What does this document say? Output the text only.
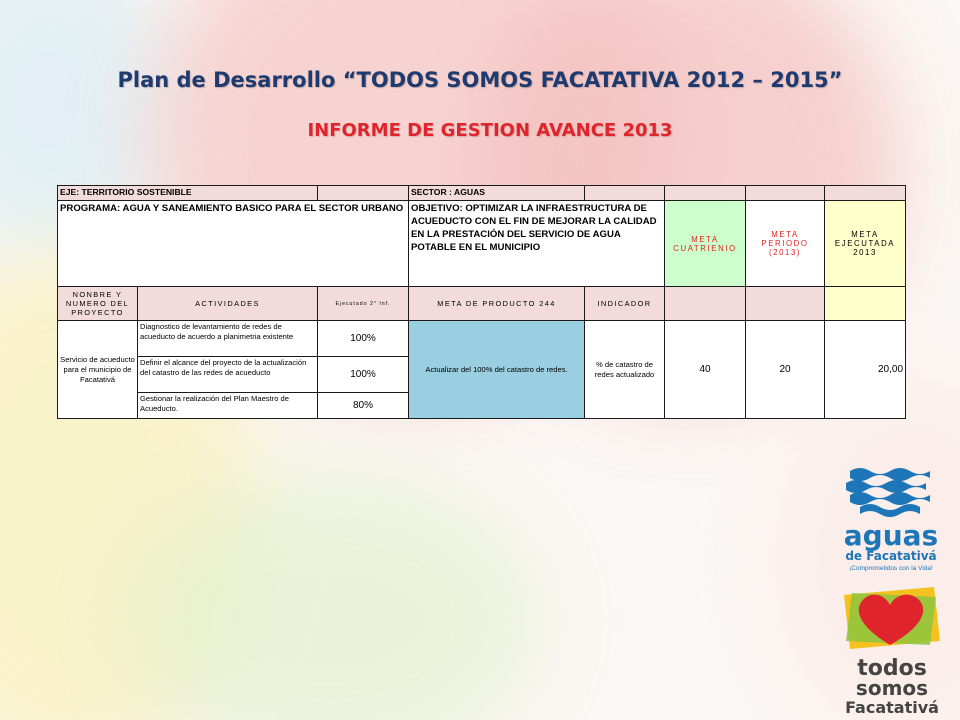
Plan de Desarrollo “TODOS SOMOS FACATATIVA 2012 – 2015”
INFORME DE GESTION AVANCE 2013
EJE: TERRITORIO SOSTENIBLE			SECTOR : AGUAS				
PROGRAMA: AGUA Y SANEAMIENTO BASICO PARA EL SECTOR URBANO			OBJETIVO: OPTIMIZAR LA INFRAESTRUCTURA DE ACUEDUCTO CON EL FIN DE MEJORAR LA CALIDAD EN LA PRESTACIÓN DEL SERVICIO DE AGUA POTABLE EN EL MUNICIPIO		META CUATRIENIO	META PERIODO (2013)	META EJECUTADA 2013
NONBRE Y NUMERO DEL PROYECTO	ACTIVIDADES	Ejecutado 2° Inf.	META DE PRODUCTO 244	INDICADOR			
Servicio de acueducto para el municipio de Facatativá	Diagnostico de levantamiento de redes de acueducto de acuerdo a planimetria existente	100%	Actualizar del 100% del catastro de redes.	% de catastro de redes actualizado	40	20	20,00
	Definir el alcance del proyecto de la actualización del catastro de las redes de acueducto	100%					
	Gestionar la realización del Plan Maestro de Acueducto.	80%					
aguas
de Facatativá
¡Comprometidos con la Vida!
todos
somos
Facatativá
